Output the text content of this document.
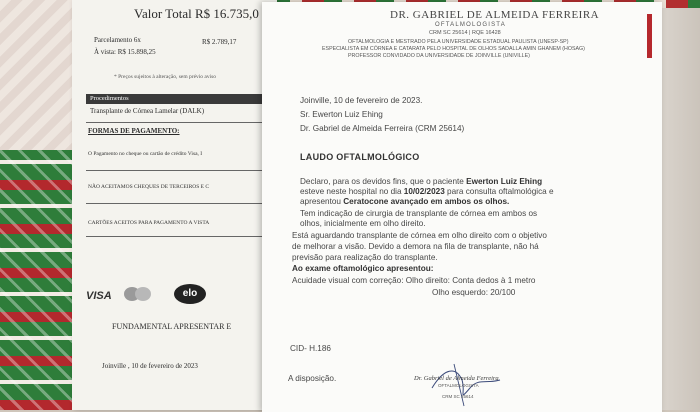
Valor Total R$ 16.735,0
Parcelamento 6x	R$ 2.789,17
À vista: R$ 15.898,25
* Preços sujeitos à alteração, sem prévio aviso
Procedimentos
Transplante de Córnea Lamelar (DALK)
FORMAS DE PAGAMENTO:
O Pagamento no cheque ou cartão de crédito Visa, I
NÃO ACEITAMOS CHEQUES DE TERCEIROS E C
CARTÕES ACEITOS PARA PAGAMENTO A VISTA
VISA	elo
FUNDAMENTAL APRESENTAR E
Joinville , 10 de fevereiro de 2023
DR. GABRIEL DE ALMEIDA FERREIRA
OFTALMOLOGISTA
CRM SC 25614 | RQE 16428
OFTALMOLOGIA E MESTRADO PELA UNIVERSIDADE ESTADUAL PAULISTA (UNESP-SP)
ESPECIALISTA EM CÓRNEA E CATARATA PELO HOSPITAL DE OLHOS SADALLA AMIN GHANEM (HOSAG)
PROFESSOR CONVIDADO DA UNIVERSIDADE DE JOINVILLE (UNIVILLE)
Joinville, 10 de fevereiro de 2023.
Sr. Ewerton Luiz Ehing
Dr. Gabriel de Almeida Ferreira (CRM 25614)
LAUDO OFTALMOLÓGICO
Declaro, para os devidos fins, que o paciente Ewerton Luiz Ehing
esteve neste hospital no dia 10/02/2023 para consulta oftalmológica e
apresentou Ceratocone avançado em ambos os olhos.
Tem indicação de cirurgia de transplante de córnea em ambos os
olhos, inicialmente em olho direito.
Está aguardando transplante de córnea em olho direito com o objetivo
de melhorar a visão. Devido a demora na fila de transplante, não há
previsão para realização do transplante.
Ao exame oftamológico apresentou:
Acuidade visual com correção: Olho direito: Conta dedos à 1 metro
Olho esquerdo: 20/100
CID- H.186
A disposição.	Dr. Gabriel de Almeida Ferreira
OFTALMOLOGISTA
CRM SC 25614
